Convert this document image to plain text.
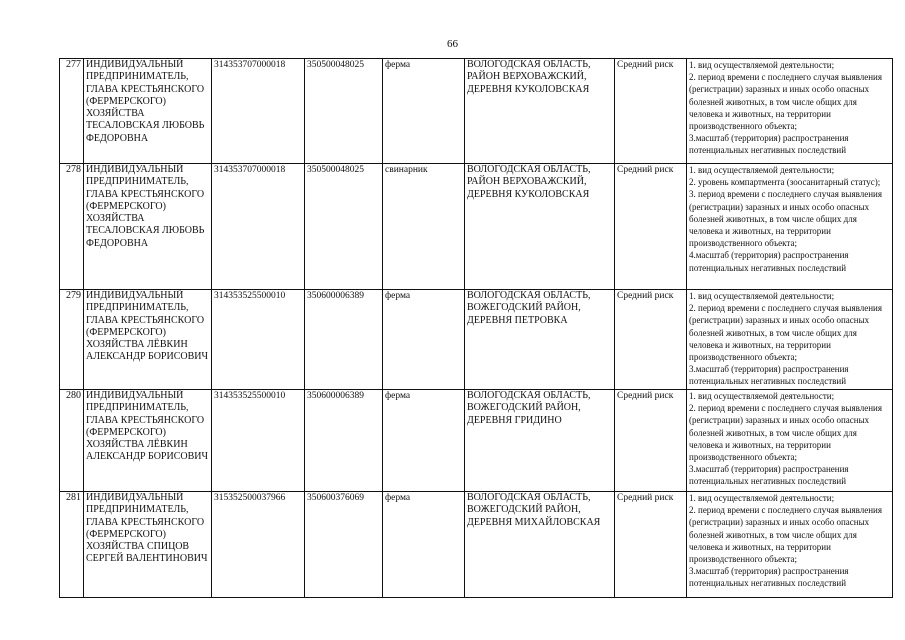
66
277	ИНДИВИДУАЛЬНЫЙ ПРЕДПРИНИМАТЕЛЬ, ГЛАВА КРЕСТЬЯНСКОГО (ФЕРМЕРСКОГО) ХОЗЯЙСТВА ТЕСАЛОВСКАЯ ЛЮБОВЬ ФЕДОРОВНА	314353707000018	350500048025	ферма	ВОЛОГОДСКАЯ ОБЛАСТЬ, РАЙОН ВЕРХОВАЖСКИЙ, ДЕРЕВНЯ КУКОЛОВСКАЯ	Средний риск	1. вид осуществляемой деятельности;
2. период времени с последнего случая выявления (регистрации) заразных и иных особо опасных болезней животных, в том числе общих для человека и животных, на территории производственного объекта;
3.масштаб (территория) распространения потенциальных негативных последствий

278	ИНДИВИДУАЛЬНЫЙ ПРЕДПРИНИМАТЕЛЬ, ГЛАВА КРЕСТЬЯНСКОГО (ФЕРМЕРСКОГО) ХОЗЯЙСТВА ТЕСАЛОВСКАЯ ЛЮБОВЬ ФЕДОРОВНА	314353707000018	350500048025	свинарник	ВОЛОГОДСКАЯ ОБЛАСТЬ, РАЙОН ВЕРХОВАЖСКИЙ, ДЕРЕВНЯ КУКОЛОВСКАЯ	Средний риск	1. вид осуществляемой деятельности;
2. уровень компартмента (зоосанитарный статус);
3. период времени с последнего случая выявления (регистрации) заразных и иных особо опасных болезней животных, в том числе общих для человека и животных, на территории производственного объекта;
4.масштаб (территория) распространения потенциальных негативных последствий

279	ИНДИВИДУАЛЬНЫЙ ПРЕДПРИНИМАТЕЛЬ, ГЛАВА КРЕСТЬЯНСКОГО (ФЕРМЕРСКОГО) ХОЗЯЙСТВА ЛЁВКИН АЛЕКСАНДР БОРИСОВИЧ	314353525500010	350600006389	ферма	ВОЛОГОДСКАЯ ОБЛАСТЬ, ВОЖЕГОДСКИЙ РАЙОН, ДЕРЕВНЯ ПЕТРОВКА	Средний риск	1. вид осуществляемой деятельности;
2. период времени с последнего случая выявления (регистрации) заразных и иных особо опасных болезней животных, в том числе общих для человека и животных, на территории производственного объекта;
3.масштаб (территория) распространения потенциальных негативных последствий

280	ИНДИВИДУАЛЬНЫЙ ПРЕДПРИНИМАТЕЛЬ, ГЛАВА КРЕСТЬЯНСКОГО (ФЕРМЕРСКОГО) ХОЗЯЙСТВА ЛЁВКИН АЛЕКСАНДР БОРИСОВИЧ	314353525500010	350600006389	ферма	ВОЛОГОДСКАЯ ОБЛАСТЬ, ВОЖЕГОДСКИЙ РАЙОН, ДЕРЕВНЯ ГРИДИНО	Средний риск	1. вид осуществляемой деятельности;
2. период времени с последнего случая выявления (регистрации) заразных и иных особо опасных болезней животных, в том числе общих для человека и животных, на территории производственного объекта;
3.масштаб (территория) распространения потенциальных негативных последствий

281	ИНДИВИДУАЛЬНЫЙ ПРЕДПРИНИМАТЕЛЬ, ГЛАВА КРЕСТЬЯНСКОГО (ФЕРМЕРСКОГО) ХОЗЯЙСТВА СПИЦОВ СЕРГЕЙ ВАЛЕНТИНОВИЧ	315352500037966	350600376069	ферма	ВОЛОГОДСКАЯ ОБЛАСТЬ, ВОЖЕГОДСКИЙ РАЙОН, ДЕРЕВНЯ МИХАЙЛОВСКАЯ	Средний риск	1. вид осуществляемой деятельности;
2. период времени с последнего случая выявления (регистрации) заразных и иных особо опасных болезней животных, в том числе общих для человека и животных, на территории производственного объекта;
3.масштаб (территория) распространения потенциальных негативных последствий
